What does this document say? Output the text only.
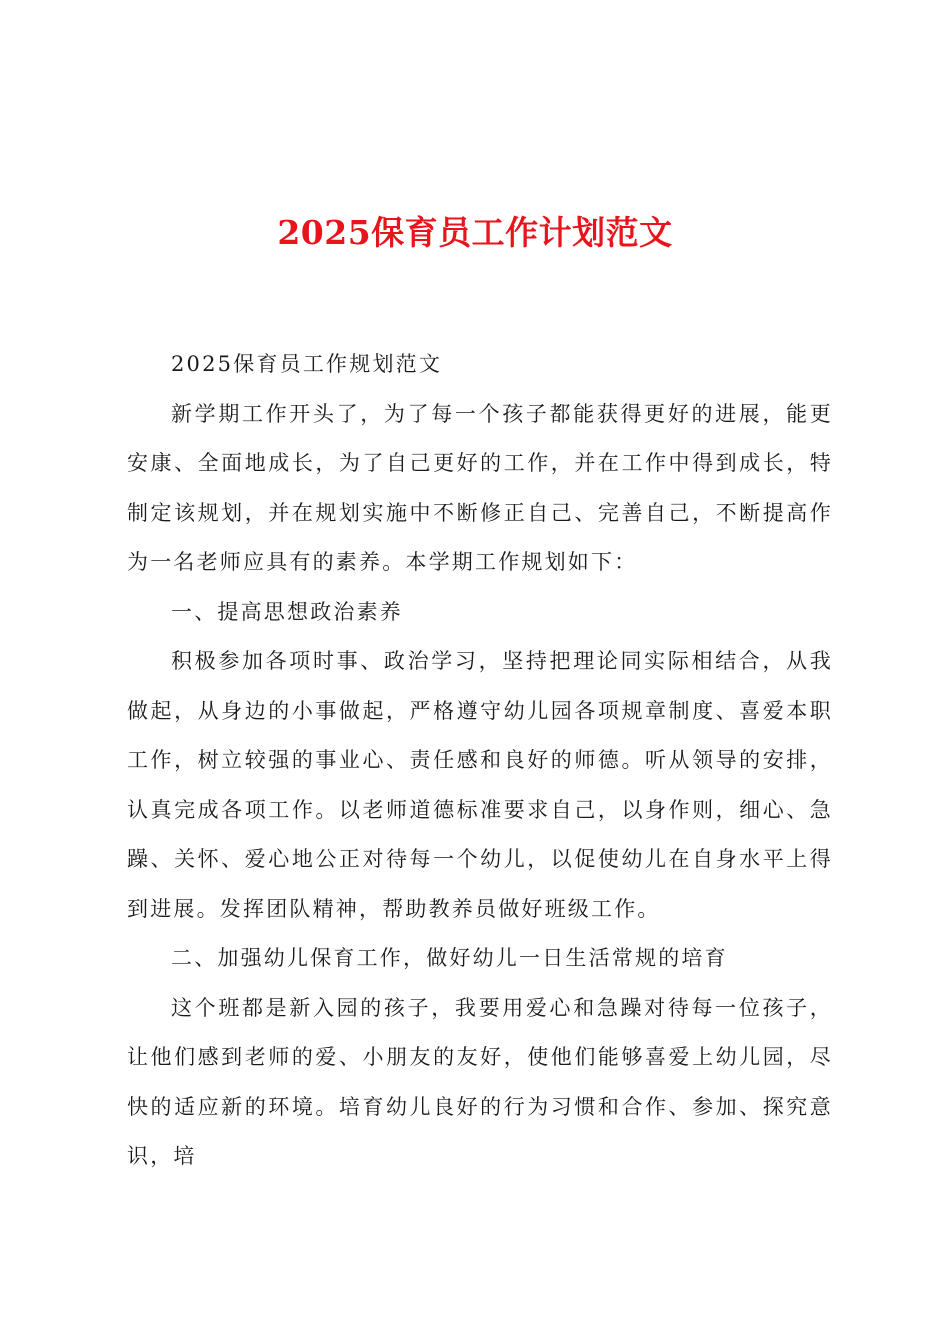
2025保育员工作计划范文

2025保育员工作规划范文

新学期工作开头了，为了每一个孩子都能获得更好的进展，能更安康、全面地成长，为了自己更好的工作，并在工作中得到成长，特制定该规划，并在规划实施中不断修正自己、完善自己，不断提高作为一名老师应具有的素养。本学期工作规划如下：

一、提高思想政治素养

积极参加各项时事、政治学习，坚持把理论同实际相结合，从我做起，从身边的小事做起，严格遵守幼儿园各项规章制度、喜爱本职工作，树立较强的事业心、责任感和良好的师德。听从领导的安排，认真完成各项工作。以老师道德标准要求自己，以身作则，细心、急躁、关怀、爱心地公正对待每一个幼儿，以促使幼儿在自身水平上得到进展。发挥团队精神，帮助教养员做好班级工作。

二、加强幼儿保育工作，做好幼儿一日生活常规的培育

这个班都是新入园的孩子，我要用爱心和急躁对待每一位孩子，让他们感到老师的爱、小朋友的友好，使他们能够喜爱上幼儿园，尽快的适应新的环境。培育幼儿良好的行为习惯和合作、参加、探究意识，培
